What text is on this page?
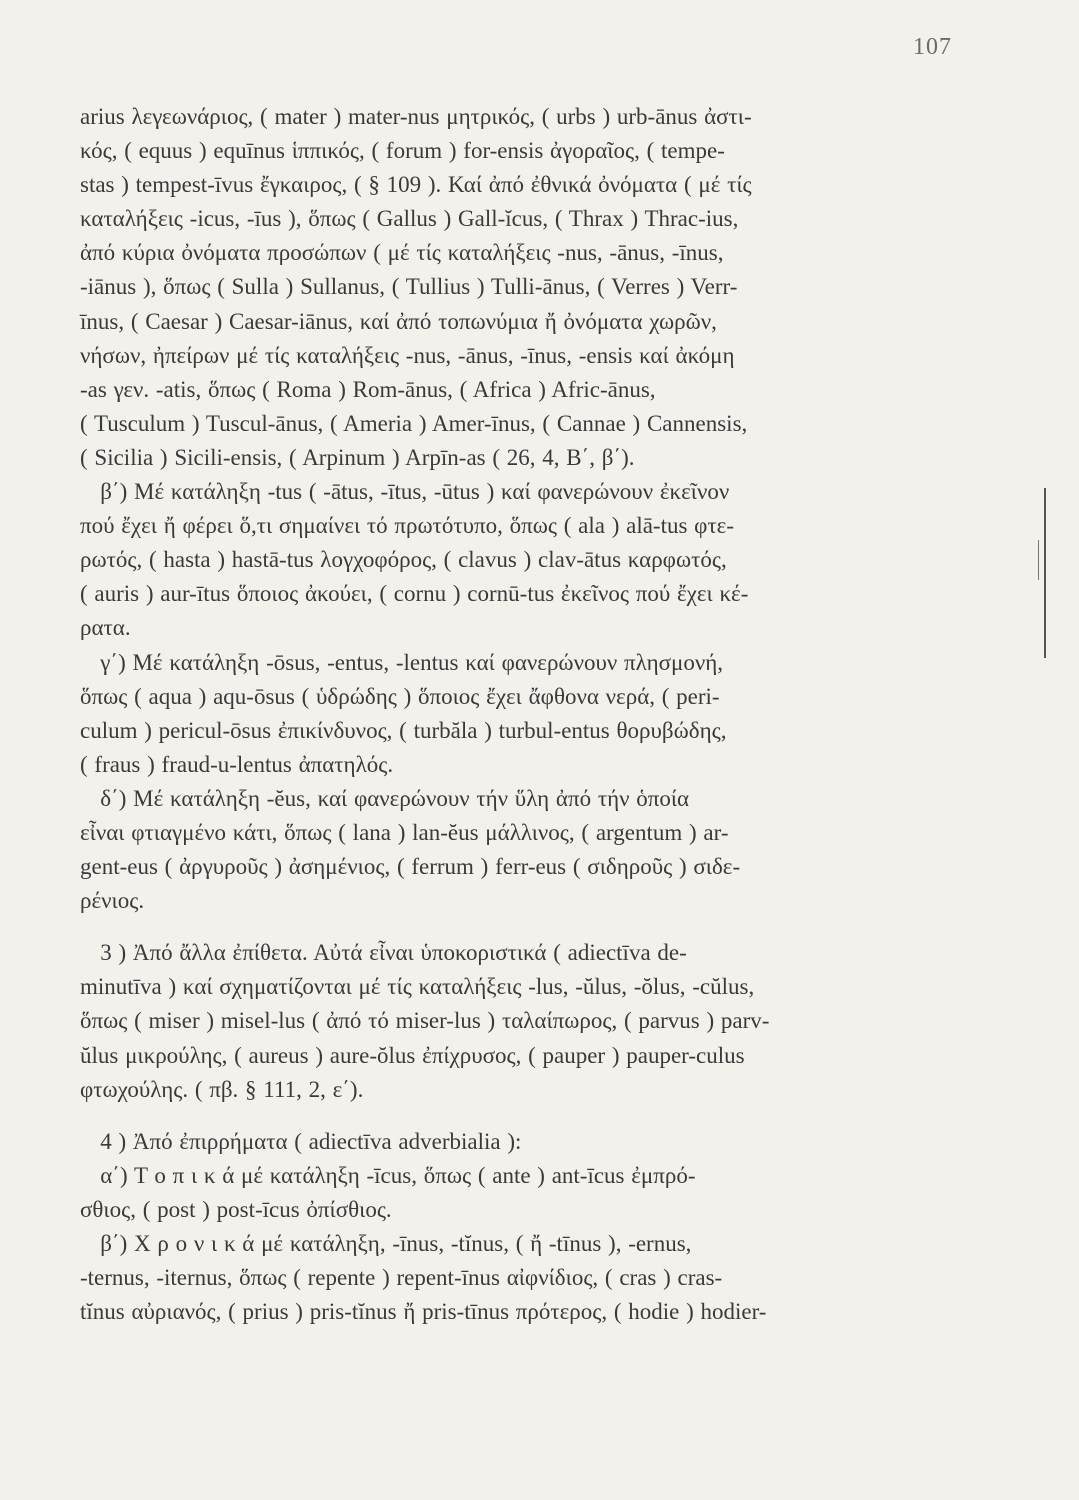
107
arius λεγεωνάριος, ( mater ) mater-nus μητρικός, ( urbs ) urb-ānus ἀστι-
κός, ( equus ) equīnus ἱππικός, ( forum ) for-ensis ἀγοραῖος, ( tempe-
stas ) tempest-īvus ἔγκαιρος, ( § 109 ). Καί ἀπό ἐθνικά ὀνόματα ( μέ τίς
καταλήξεις -icus, -īus ), ὅπως ( Gallus ) Gall-ĭcus, ( Thrax ) Thrac-ius,
ἀπό κύρια ὀνόματα προσώπων ( μέ τίς καταλήξεις -nus, -ānus, -īnus,
-iānus ), ὅπως ( Sulla ) Sullanus, ( Tullius ) Tulli-ānus, ( Verres ) Verr-
īnus, ( Caesar ) Caesar-iānus, καί ἀπό τοπωνύμια ἤ ὀνόματα χωρῶν,
νήσων, ἠπείρων μέ τίς καταλήξεις -nus, -ānus, -īnus, -ensis καί ἀκόμη
-as γεν. -atis, ὅπως ( Roma ) Rom-ānus, ( Africa ) Afric-ānus,
( Tusculum ) Tuscul-ānus, ( Ameria ) Amer-īnus, ( Cannae ) Cannensis,
( Sicilia ) Sicili-ensis, ( Arpinum ) Arpīn-as ( 26, 4, Β΄, β΄).
β΄) Μέ κατάληξη -tus ( -ātus, -ītus, -ūtus ) καί φανερώνουν ἐκεῖνον
πού ἔχει ἤ φέρει ὅ,τι σημαίνει τό πρωτότυπο, ὅπως ( ala ) alā-tus φτε-
ρωτός, ( hasta ) hastā-tus λογχοφόρος, ( clavus ) clav-ātus καρφωτός,
( auris ) aur-ītus ὅποιος ἀκούει, ( cornu ) cornū-tus ἐκεῖνος πού ἔχει κέ-
ρατα.
γ΄) Μέ κατάληξη -ōsus, -entus, -lentus καί φανερώνουν πλησμονή,
ὅπως ( aqua ) aqu-ōsus ( ὑδρώδης ) ὅποιος ἔχει ἄφθονα νερά, ( peri-
culum ) pericul-ōsus ἐπικίνδυνος, ( turbăla ) turbul-entus θορυβώδης,
( fraus ) fraud-u-lentus ἀπατηλός.
δ΄) Μέ κατάληξη -ĕus, καί φανερώνουν τήν ὕλη ἀπό τήν ὁποία
εἶναι φτιαγμένο κάτι, ὅπως ( lana ) lan-ĕus μάλλινος, ( argentum ) ar-
gent-eus ( ἀργυροῦς ) ἀσημένιος, ( ferrum ) ferr-eus ( σιδηροῦς ) σιδε-
ρένιος.
3 ) Ἀπό ἄλλα ἐπίθετα. Αὐτά εἶναι ὑποκοριστικά ( adiectīva de-
minutīva ) καί σχηματίζονται μέ τίς καταλήξεις -lus, -ŭlus, -ŏlus, -cŭlus,
ὅπως ( miser ) misel-lus ( ἀπό τό miser-lus ) ταλαίπωρος, ( parvus ) parv-
ŭlus μικρούλης, ( aureus ) aure-ŏlus ἐπίχρυσος, ( pauper ) pauper-culus
φτωχούλης. ( πβ. § 111, 2, ε΄).
4 ) Ἀπό ἐπιρρήματα ( adiectīva adverbialia ):
α΄) Τ ο π ι κ ά μέ κατάληξη -īcus, ὅπως ( ante ) ant-īcus ἐμπρό-
σθιος, ( post ) post-īcus ὀπίσθιος.
β΄) Χ ρ ο ν ι κ ά μέ κατάληξη, -īnus, -tĭnus, ( ἤ -tīnus ), -ernus,
-ternus, -iternus, ὅπως ( repente ) repent-īnus αἰφνίδιος, ( cras ) cras-
tĭnus αὐριανός, ( prius ) pris-tĭnus ἤ pris-tīnus πρότερος, ( hodie ) hodier-
